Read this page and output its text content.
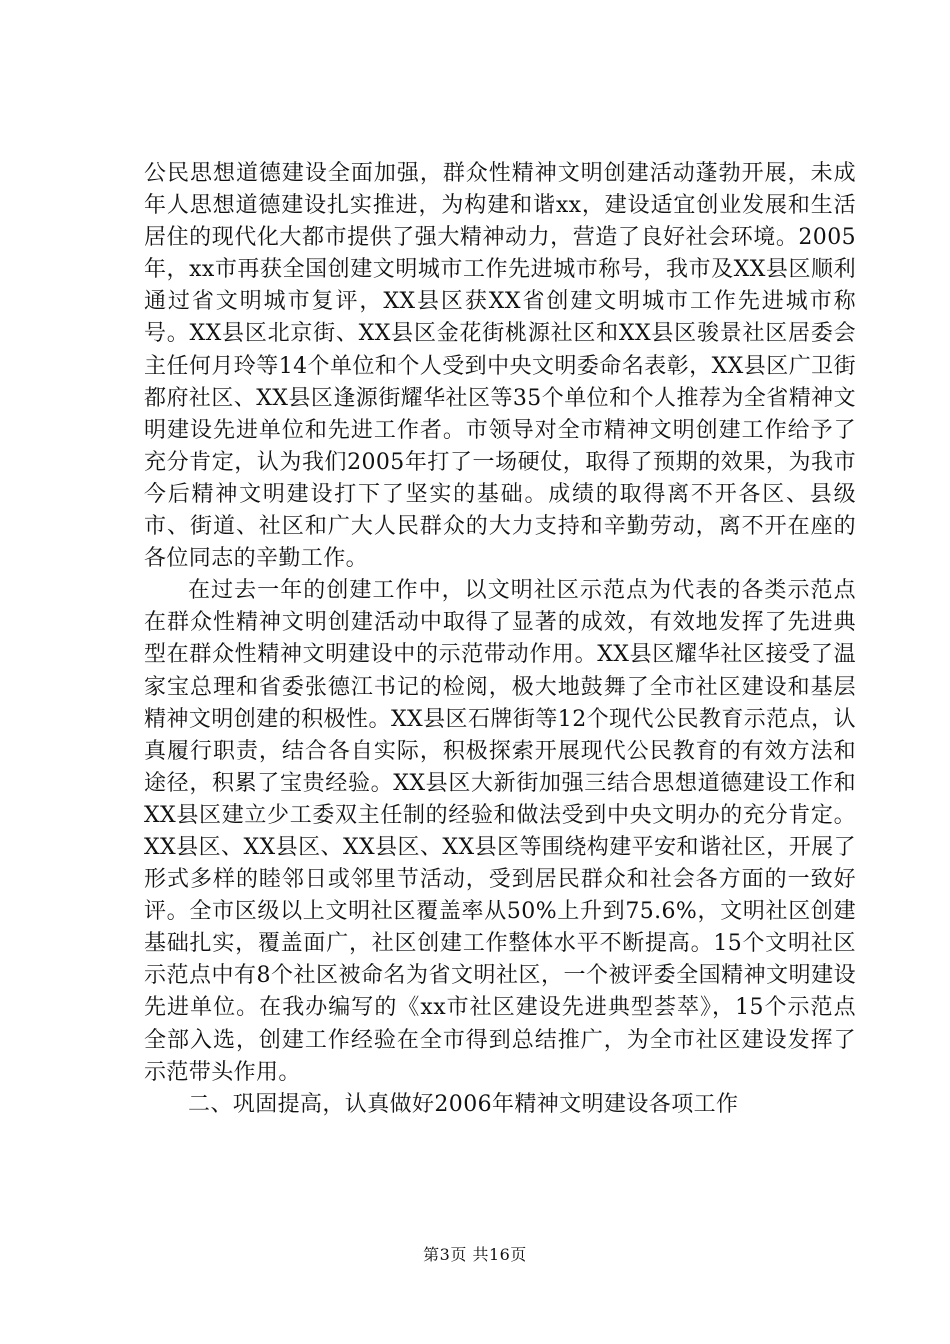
公民思想道德建设全面加强，群众性精神文明创建活动蓬勃开展，未成年人思想道德建设扎实推进，为构建和谐xx，建设适宜创业发展和生活居住的现代化大都市提供了强大精神动力，营造了良好社会环境。2005年，xx市再获全国创建文明城市工作先进城市称号，我市及XX县区顺利通过省文明城市复评，XX县区获XX省创建文明城市工作先进城市称号。XX县区北京街、XX县区金花街桃源社区和XX县区骏景社区居委会主任何月玲等14个单位和个人受到中央文明委命名表彰，XX县区广卫街都府社区、XX县区逢源街耀华社区等35个单位和个人推荐为全省精神文明建设先进单位和先进工作者。市领导对全市精神文明创建工作给予了充分肯定，认为我们2005年打了一场硬仗，取得了预期的效果，为我市今后精神文明建设打下了坚实的基础。成绩的取得离不开各区、县级市、街道、社区和广大人民群众的大力支持和辛勤劳动，离不开在座的各位同志的辛勤工作。

在过去一年的创建工作中，以文明社区示范点为代表的各类示范点在群众性精神文明创建活动中取得了显著的成效，有效地发挥了先进典型在群众性精神文明建设中的示范带动作用。XX县区耀华社区接受了温家宝总理和省委张德江书记的检阅，极大地鼓舞了全市社区建设和基层精神文明创建的积极性。XX县区石牌街等12个现代公民教育示范点，认真履行职责，结合各自实际，积极探索开展现代公民教育的有效方法和途径，积累了宝贵经验。XX县区大新街加强三结合思想道德建设工作和XX县区建立少工委双主任制的经验和做法受到中央文明办的充分肯定。XX县区、XX县区、XX县区、XX县区等围绕构建平安和谐社区，开展了形式多样的睦邻日或邻里节活动，受到居民群众和社会各方面的一致好评。全市区级以上文明社区覆盖率从50%上升到75.6%，文明社区创建基础扎实，覆盖面广，社区创建工作整体水平不断提高。15个文明社区示范点中有8个社区被命名为省文明社区，一个被评委全国精神文明建设先进单位。在我办编写的《xx市社区建设先进典型荟萃》，15个示范点全部入选，创建工作经验在全市得到总结推广，为全市社区建设发挥了示范带头作用。

二、巩固提高，认真做好2006年精神文明建设各项工作

第3页 共16页
